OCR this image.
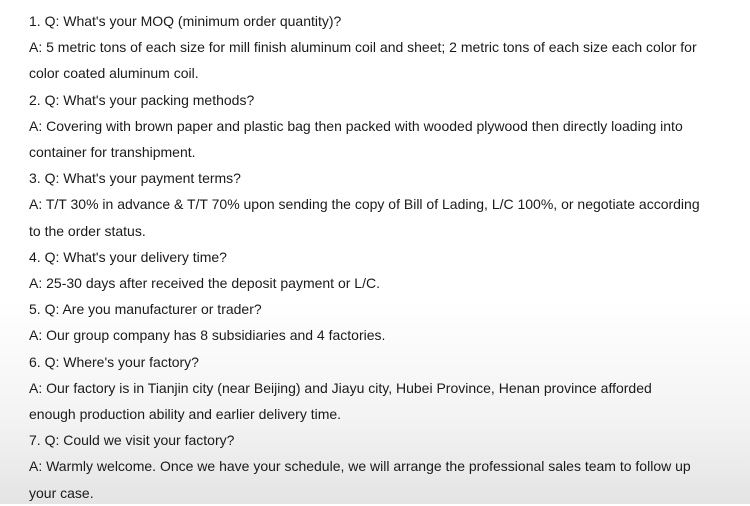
1. Q: What's your MOQ (minimum order quantity)?
A: 5 metric tons of each size for mill finish aluminum coil and sheet; 2 metric tons of each size each color for
color coated aluminum coil.
2. Q: What's your packing methods?
A: Covering with brown paper and plastic bag then packed with wooded plywood then directly loading into
container for transhipment.
3. Q: What's your payment terms?
A: T/T 30% in advance & T/T 70% upon sending the copy of Bill of Lading, L/C 100%, or negotiate according
to the order status.
4. Q: What's your delivery time?
A: 25-30 days after received the deposit payment or L/C.
5. Q: Are you manufacturer or trader?
A: Our group company has 8 subsidiaries and 4 factories.
6. Q: Where's your factory?
A: Our factory is in Tianjin city (near Beijing) and Jiayu city, Hubei Province, Henan province afforded
enough production ability and earlier delivery time.
7. Q: Could we visit your factory?
A: Warmly welcome. Once we have your schedule, we will arrange the professional sales team to follow up
your case.
